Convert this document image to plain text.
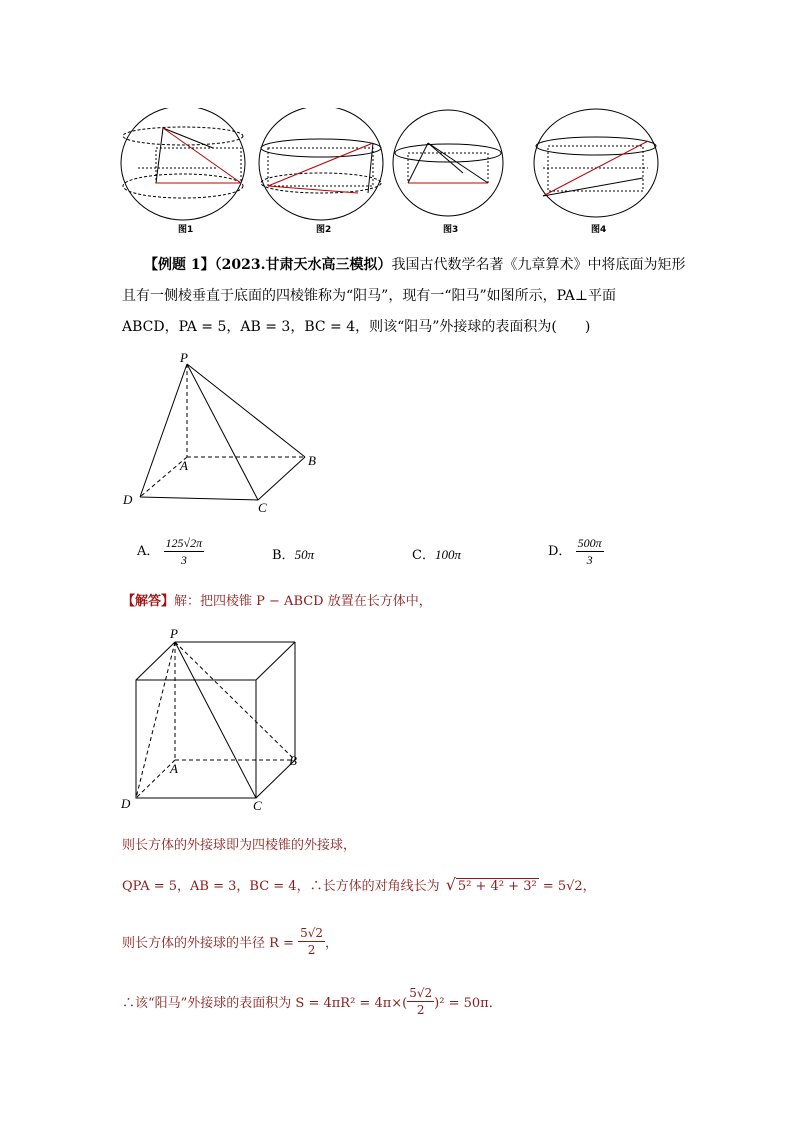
图1	图2	图3	图4
【例题 1】（2023.甘肃天水高三模拟）我国古代数学名著《九章算术》中将底面为矩形
且有一侧棱垂直于底面的四棱锥称为“阳马”，现有一“阳马”如图所示，PA⊥平面
ABCD，PA = 5，AB = 3，BC = 4，则该“阳马”外接球的表面积为(　　)
P
A	B
C
D
A． $\frac{125√2\pi}{3}$	B．50π	C．100π	D． $\frac{500\pi}{3}$
【解答】解：把四棱锥 P − ABCD 放置在长方体中，
P
A
B
C
D
则长方体的外接球即为四棱锥的外接球，
QPA = 5，AB = 3，BC = 4，∴长方体的对角线长为 √ 5² + 4² + 3² = 5√2，
则长方体的外接球的半径 $R = \frac{5√2}{2}$ ，
∴该“阳马”外接球的表面积为 $S = 4\pi R^2 = 4\pi\times( \frac{5√2}{2} )^2 = 50\pi$．
